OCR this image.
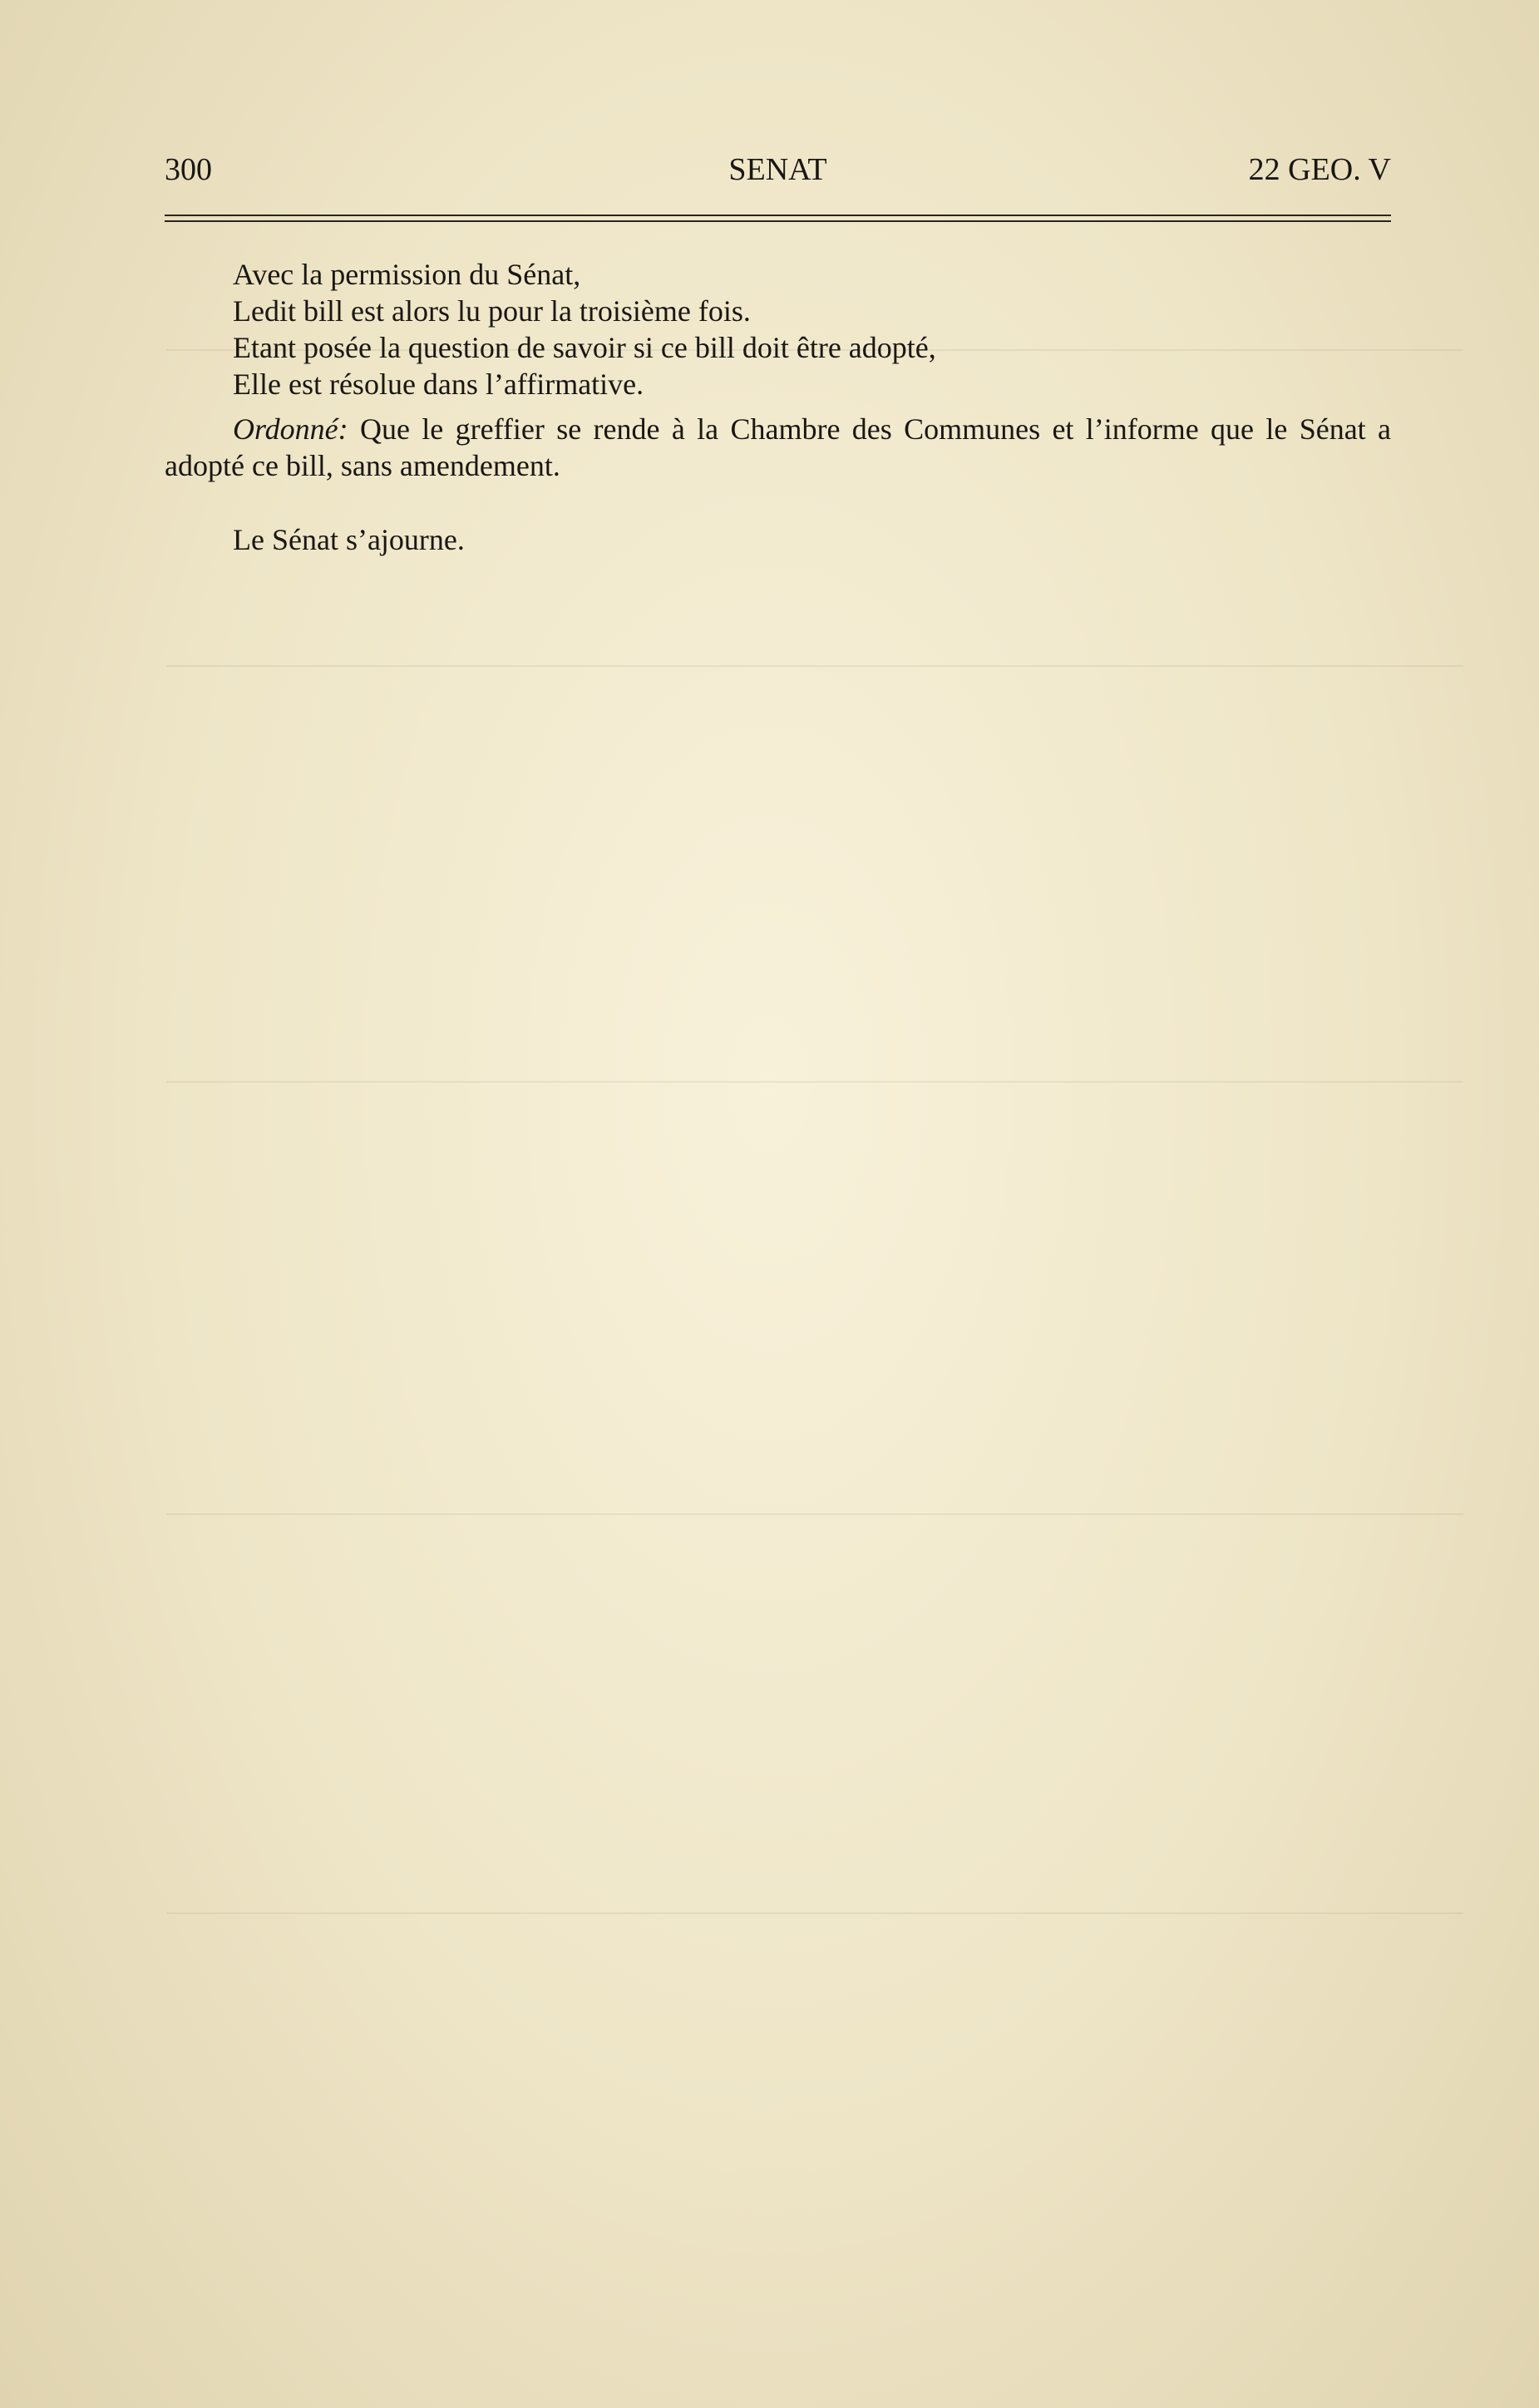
300	SENAT	22 GEO. V

Avec la permission du Sénat,

Ledit bill est alors lu pour la troisième fois.

Etant posée la question de savoir si ce bill doit être adopté,

Elle est résolue dans l’affirmative.

Ordonné: Que le greffier se rende à la Chambre des Communes et l’informe que le Sénat a adopté ce bill, sans amendement.

Le Sénat s’ajourne.
